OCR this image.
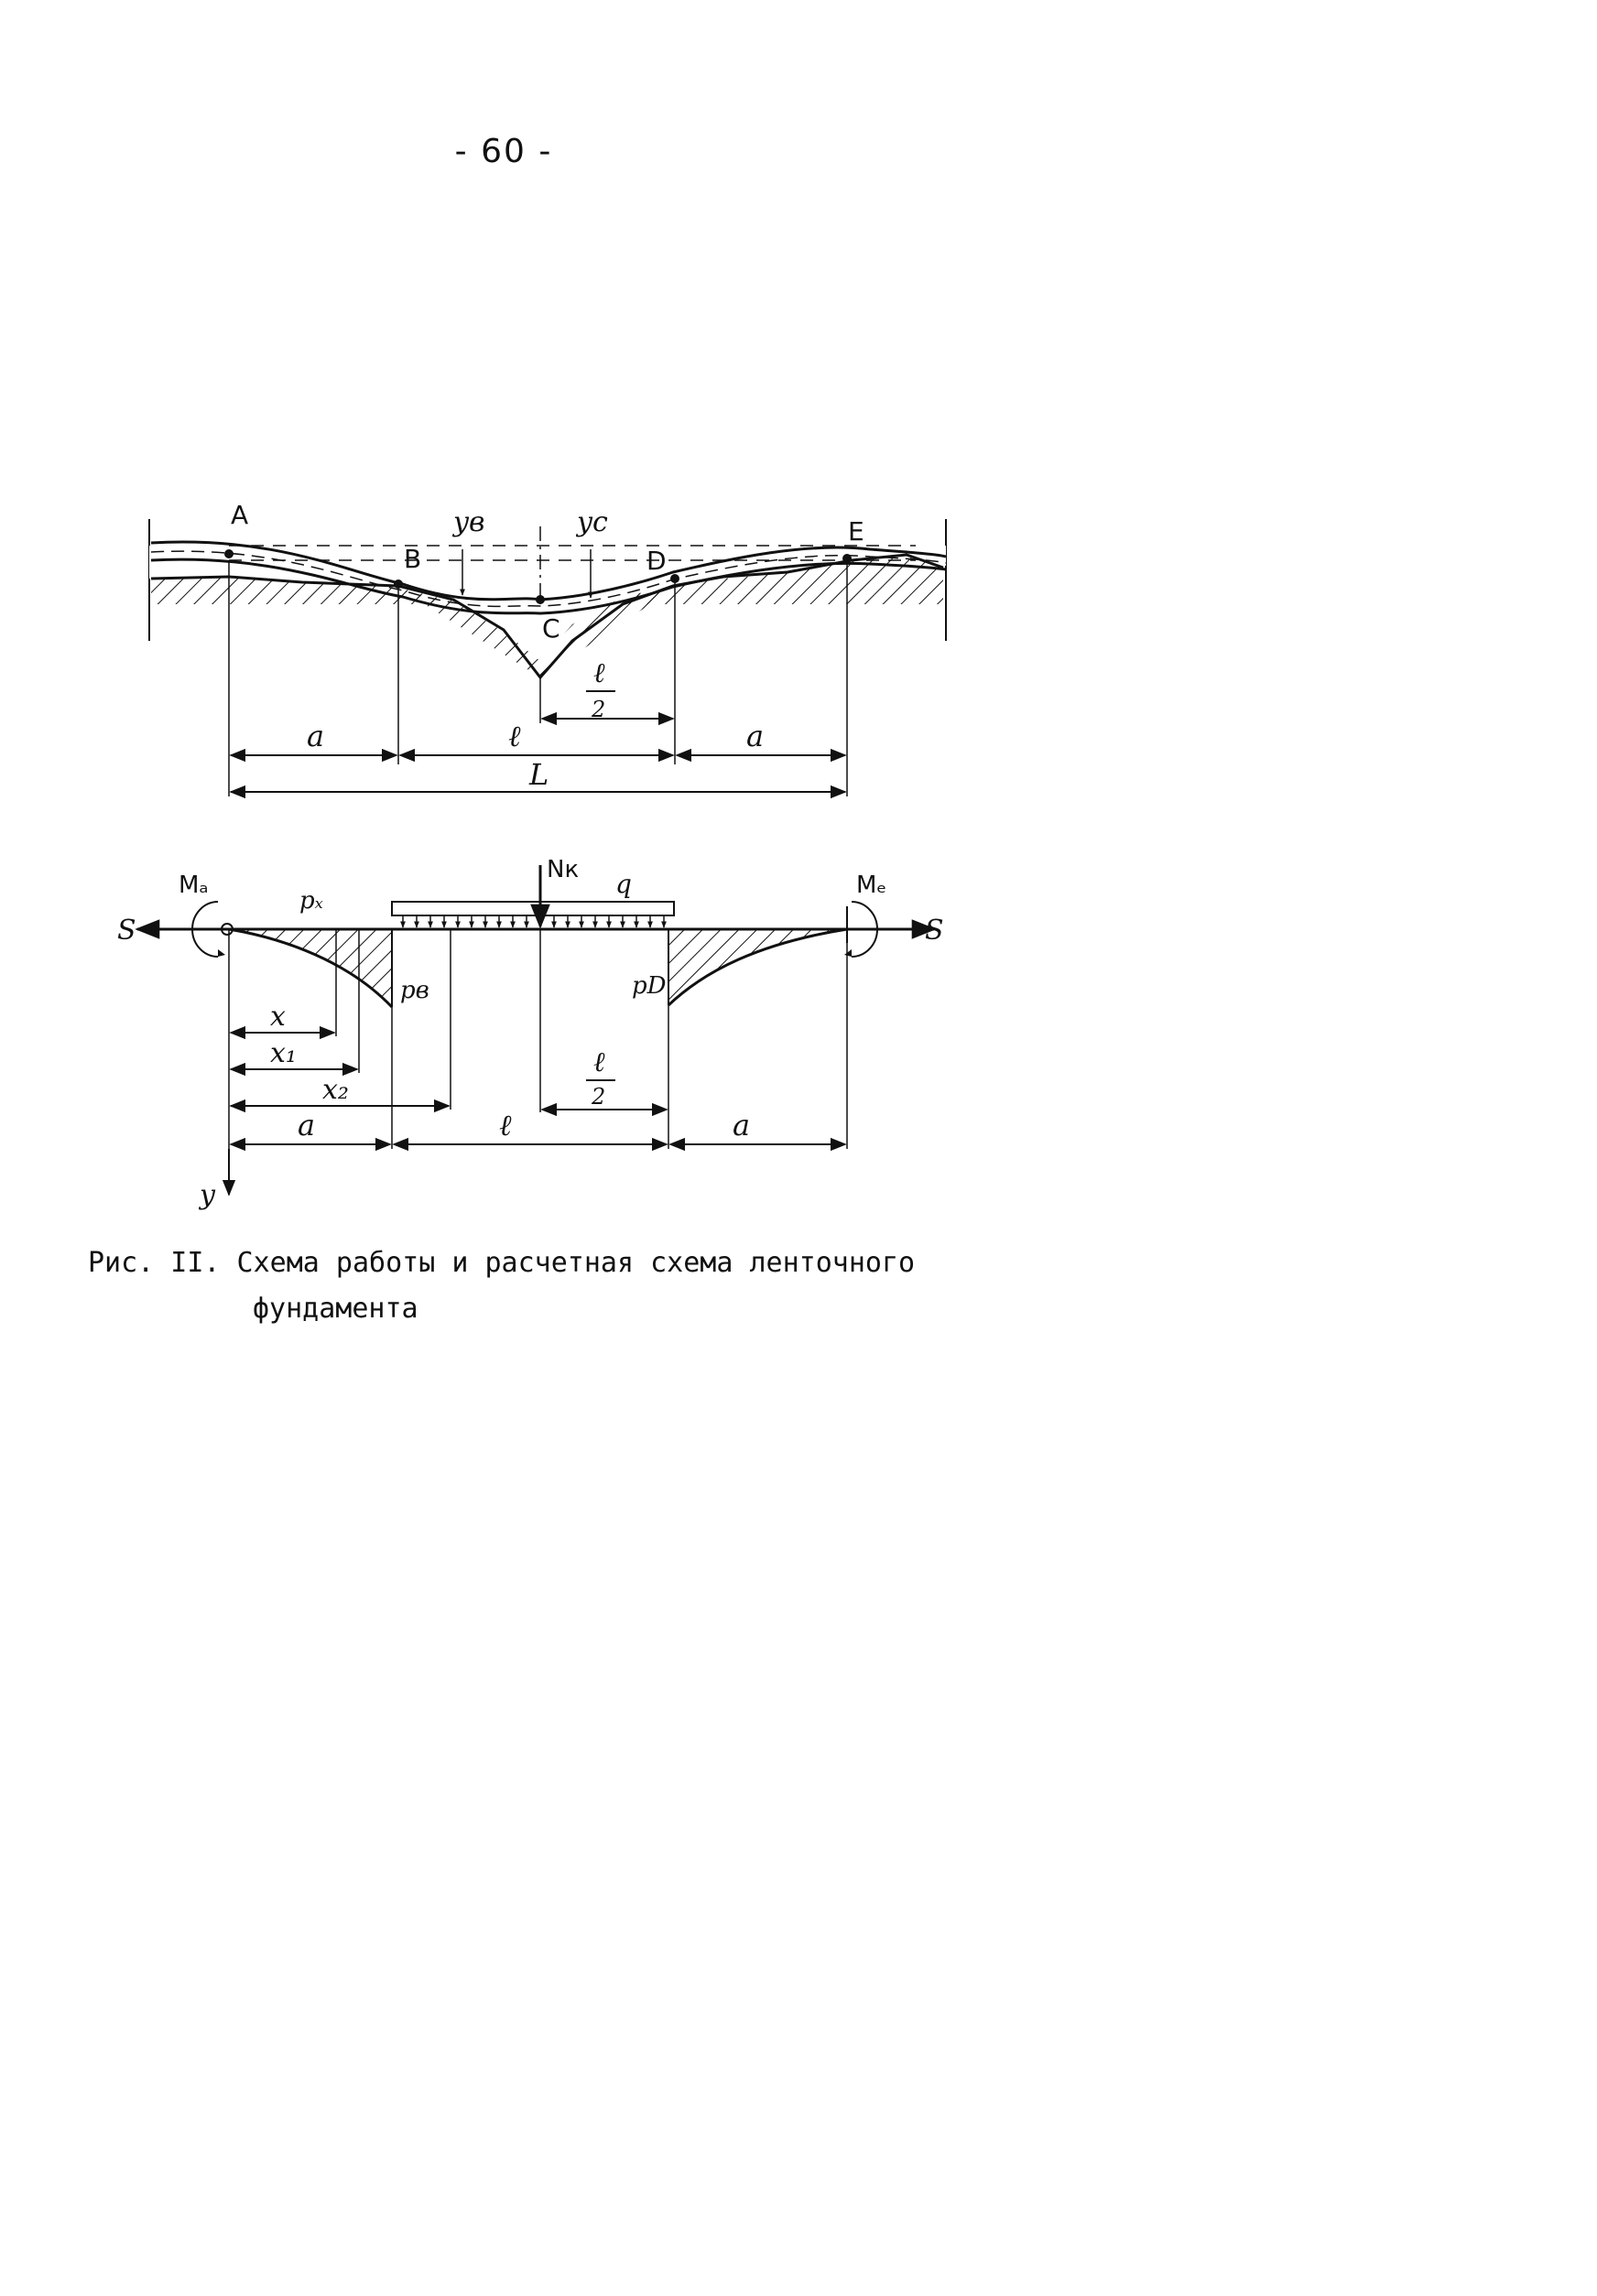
- 60 -
A
B
C
D
E
yв	yc
ℓ
2
a	ℓ	a
L
S	S
Mₐ	Mₑ
q
Nк
pₓ
pв	pD
x
x₁
x₂
ℓ
2
a	ℓ	a
y
Рис. II. Схема работы и расчетная схема ленточного
фундамента
